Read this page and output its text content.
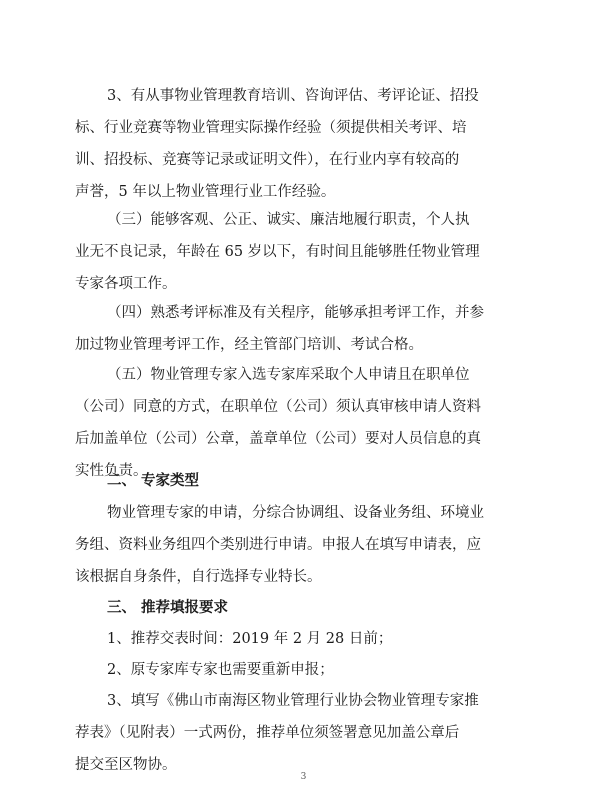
3、有从事物业管理教育培训、咨询评估、考评论证、招投
标、行业竞赛等物业管理实际操作经验（须提供相关考评、培
训、招投标、竞赛等记录或证明文件），在行业内享有较高的
声誉，5 年以上物业管理行业工作经验。
（三）能够客观、公正、诚实、廉洁地履行职责，个人执
业无不良记录，年龄在 65 岁以下，有时间且能够胜任物业管理
专家各项工作。
（四）熟悉考评标准及有关程序，能够承担考评工作，并参
加过物业管理考评工作，经主管部门培训、考试合格。
（五）物业管理专家入选专家库采取个人申请且在职单位
（公司）同意的方式，在职单位（公司）须认真审核申请人资料
后加盖单位（公司）公章，盖章单位（公司）要对人员信息的真
实性负责。
二、 专家类型
物业管理专家的申请，分综合协调组、设备业务组、环境业
务组、资料业务组四个类别进行申请。申报人在填写申请表，应
该根据自身条件，自行选择专业特长。
三、 推荐填报要求
1、推荐交表时间：2019 年 2 月 28 日前；
2、原专家库专家也需要重新申报；
3、填写《佛山市南海区物业管理行业协会物业管理专家推
荐表》（见附表）一式两份，推荐单位须签署意见加盖公章后
提交至区物协。
3
